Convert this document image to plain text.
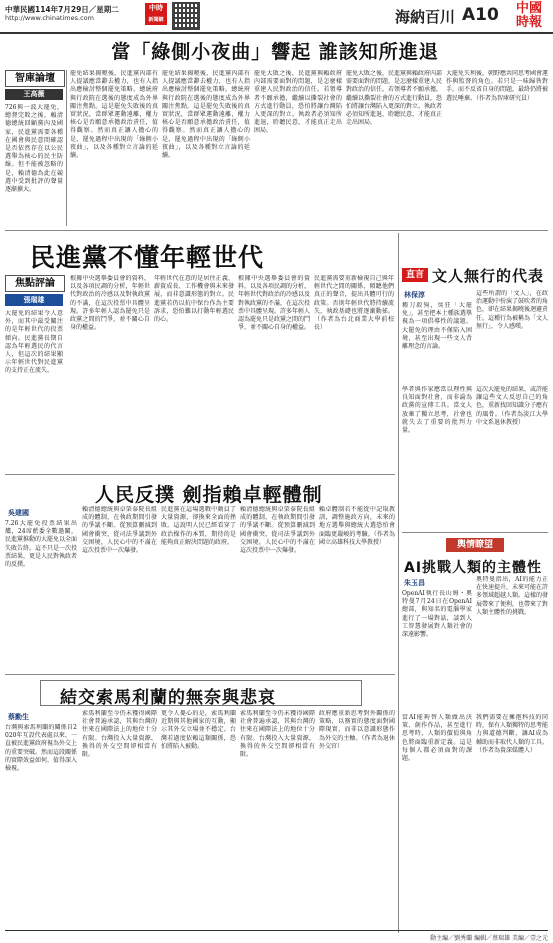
中華民國114年7月29日／星期二
http://www.chinatimes.com
中時
新聞網	海納百川 A10	中國
時報
當「綠側小夜曲」響起 誰該知所進退
智庫論壇
王高薇
726與一波大罷免，總督完敗之後，賴清德總統回顧黨內及國家，民進黨需要各種在國會與民意間確認是否依然存在以公民選舉為核心的民主防線。但不能被忽略的是，賴清德為此在競選中受到批評的聲量逐漸擴大。
罷免結果揭曉後，民進黨內部有人提議應當辭去權力，也有人指出應檢討整個罷免策略。總統府與行政院在選後的態度成為外界關注焦點。這是罷免失敗後的真實狀況，當群眾運動遠離，權力核心是否願意承擔政治責任，值得觀察。然而真正讓人擔心的是，罷免過程中出現的「綠側小夜曲」，以及各種對立言論的延續。
罷免結果揭曉後，民進黨內部有人提議應當辭去權力，也有人指出應檢討整個罷免策略。總統府與行政院在選後的態度成為外界關注焦點。這是罷免失敗後的真實狀況，當群眾運動遠離，權力核心是否願意承擔政治責任，值得觀察。然而真正讓人擔心的是，罷免過程中出現的「綠側小夜曲」，以及各種對立言論的延續。
罷免大敗之後，民進黨與賴政府內部需要面對的問題，是怎麼樣重建人民對政治的信任。若領導者不願承擔，繼續以撕裂社會的方式進行動員，恐怕將讓台灣陷入更深的對立。執政者必須知所進退，聆聽民意，才能真正走出困局。
罷免大敗之後，民進黨與賴政府內部需要面對的問題，是怎麼樣重建人民對政治的信任。若領導者不願承擔，繼續以撕裂社會的方式進行動員，恐怕將讓台灣陷入更深的對立。執政者必須知所進退，聆聽民意，才能真正走出困局。
大罷免失利後，朝野應共同思考國會運作與監督的角色。若只是一味歸咎對手，而不反省自身的問題，最終仍將被選民唾棄。（作者為智庫研究員）
民進黨不懂年輕世代
焦點評論
張瑞雄
大罷免的結果令人意外，而其中最受關注的是年輕世代的投票傾向。民進黨長期自認為年輕選民的代言人，但這次的結果顯示年輕世代對民進黨的支持正在流失。
根據中央選舉委員會的資料，以及各項民調的分析，年輕世代對政治的冷感以及對執政黨的不滿，在這次投票中具體呈現。許多年輕人認為罷免只是政黨之間的鬥爭，並不關心自身的權益。
年輕世代在意的是居住正義、薪資成長、工作機會與未來發展，而非意識形態的對立。民進黨若仍以抗中保台作為主要訴求，恐怕難以打動年輕選民的心。
根據中央選舉委員會的資料，以及各項民調的分析，年輕世代對政治的冷感以及對執政黨的不滿，在這次投票中具體呈現。許多年輕人認為罷免只是政黨之間的鬥爭，並不關心自身的權益。
民進黨需要重新檢視自己與年輕世代之間的關係，傾聽他們真正的聲音，提出具體可行的政策。否則年輕世代將持續流失，執政基礎也將逐漸動搖。（作者為台北商業大學前校長）
直言 文人無行的代表
林保淳
種刀殺狗，臭狂「大罷免」，甚至把本土種族選擧視為一項倡導性的議題。大罷免的理由不僅陷入困境，甚至出現一些文人背離理念的言論。
這些所謂的「文人」，在政治運動中扮演了鼓吹者的角色，卻在結果揭曉後迴避責任。這種行為被稱為「文人無行」，令人感嘆。
學者與作家應當以理性與良知面對社會，而非淪為政黨的宣傳工具。當文人放棄了獨立思考，社會也就失去了重要的批判力量。
這次大罷免的結果，或許能讓這些文人反思自己的角色，重新找回知識分子應有的風骨。（作者為淡江大學中文系退休教授）
人民反撲 劍指賴卓輕體制
吳建國
7.26大罷免投票結果出爐，24席藍委全數過關，民進黨推動的大罷免以全面失敗告終。這不只是一次投票結果，更是人民對執政者的反撲。
賴清德總統與卓榮泰院長組成的體制，在執政期間引發的爭議不斷。從預算刪減到國會衝突，從司法爭議到外交困境，人民心中的不滿在這次投票中一次爆發。
民進黨在這場選戰中動員了大量資源，卻換來全面的挫敗。這說明人民已經看穿了政治操作的本質，期待的是能夠真正解決問題的政府。
賴清德總統與卓榮泰院長組成的體制，在執政期間引發的爭議不斷。從預算刪減到國會衝突，從司法爭議到外交困境，人民心中的不滿在這次投票中一次爆發。
賴卓體制若不能從中記取教訓，調整施政方向，未來的地方選舉與總統大選恐怕會面臨更嚴峻的考驗。（作者為國立高雄科技大學教授）	輿情瞭望
AI挑戰人類的主體性
朱玉昌
OpenAI執行長山姆・奧特曼7月24日在OpenAI總部，與知名的電腦學家進行了一場對話，談到人工智慧發展對人類社會的深遠影響。
奧特曼指出，AI的能力正在快速提升，未來可能在許多領域超越人類。這樣的發展帶來了便利，也帶來了對人類主體性的挑戰。
當AI能夠替人類做出決策、創作作品，甚至進行思考時，人類的價值與角色將面臨重新定義。這是每個人都必須面對的課題。
我們需要在擁抱科技的同時，保有人類獨特的思考能力與道德判斷，讓AI成為輔助而非取代人類的工具。（作者為資深媒體人）
結交索馬利蘭的無奈與悲哀
蔡勳生
台灣與索馬利蘭的關係自2020年互設代表處以來，一直被民進黨政府視為外交上的重要突破。然而這段關係的實際效益如何，值得深入檢視。
索馬利蘭至今仍未獲得國際社會普遍承認，其與台灣的往來在國際法上的地位十分有限。台灣投入大量資源，換得的外交空間卻相當有限。
更令人憂心的是，索馬利蘭近期與其他國家的互動，顯示其外交立場並不穩定。台灣若過度依賴這類關係，恐怕將陷入被動。
索馬利蘭至今仍未獲得國際社會普遍承認，其與台灣的往來在國際法上的地位十分有限。台灣投入大量資源，換得的外交空間卻相當有限。
政府應重新思考對外關係的策略，以務實的態度面對國際現實，而非以意識形態作為外交的主軸。（作者為退休外交官）
動主編／劉秀蘭 編輯／蔡瑞雄 美編／壹之元
